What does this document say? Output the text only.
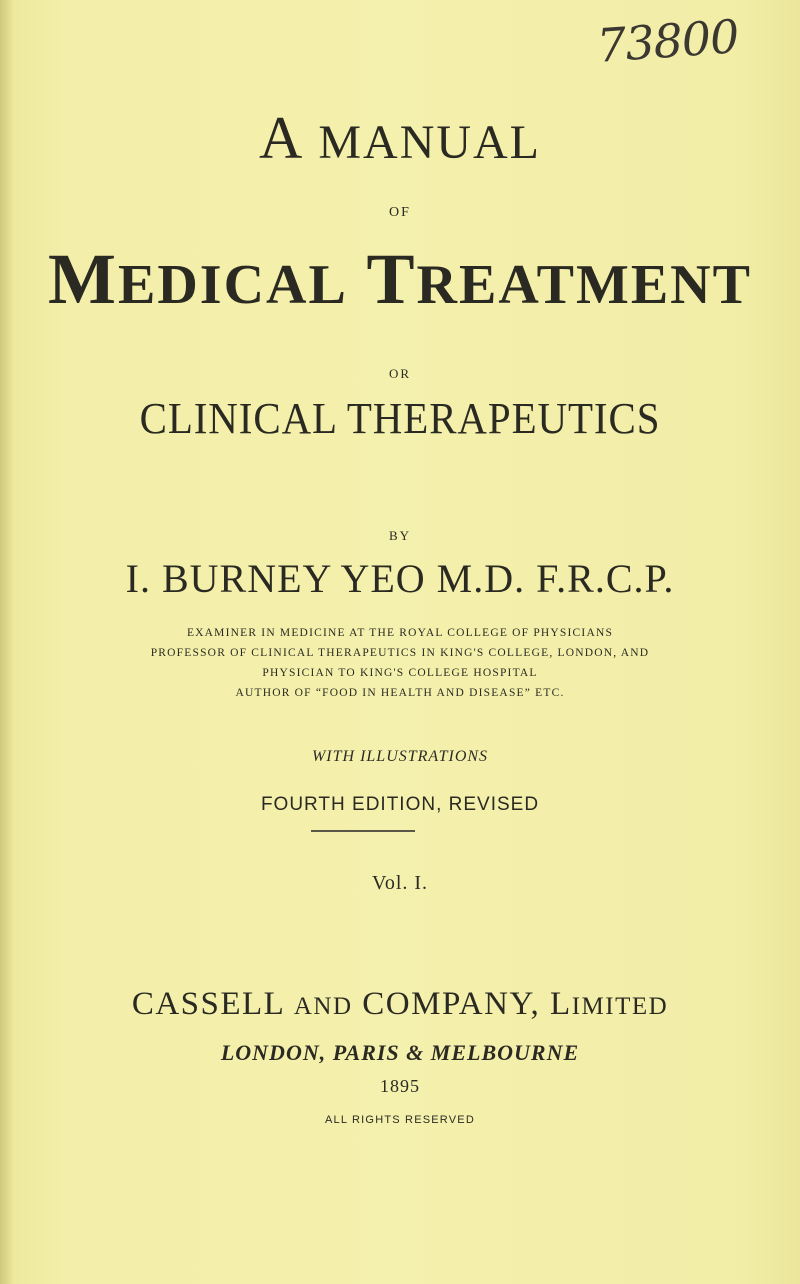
73800
A MANUAL
OF
MEDICAL TREATMENT
OR
CLINICAL THERAPEUTICS
BY
I. BURNEY YEO M.D. F.R.C.P.
EXAMINER IN MEDICINE AT THE ROYAL COLLEGE OF PHYSICIANS
PROFESSOR OF CLINICAL THERAPEUTICS IN KING'S COLLEGE, LONDON, AND
PHYSICIAN TO KING'S COLLEGE HOSPITAL
AUTHOR OF “FOOD IN HEALTH AND DISEASE” ETC.
WITH ILLUSTRATIONS
FOURTH EDITION, REVISED
Vol. I.
CASSELL AND COMPANY, LIMITED
LONDON, PARIS & MELBOURNE
1895
ALL RIGHTS RESERVED
